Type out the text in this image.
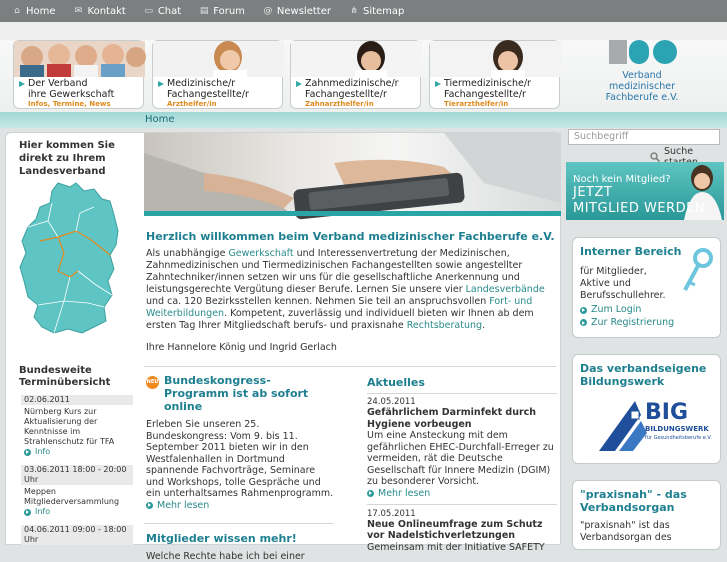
⌂ Home ✉ Kontakt ▭ Chat ▤ Forum @ Newsletter ⋔ Sitemap
Der Verband
ihre Gewerkschaft
Infos, Termine, News
Medizinische/r
Fachangestellte/r
Arzthelfer/in
Zahnmedizinische/r
Fachangestellte/r
Zahnarzthelfer/in
Tiermedizinische/r
Fachangestellte/r
Tierarzthelfer/in
Verband medizinischer
Fachberufe e.V.
Home
Hier kommen Sie direkt zu Ihrem Landesverband
Bundesweite Terminübersicht
02.06.2011
Nürnberg Kurs zur Aktualisierung der Kenntnisse im Strahlenschutz für TFA
Info
03.06.2011 18:00 - 20:00 Uhr
Meppen Mitgliederversammlung
Info
04.06.2011 09:00 - 18:00 Uhr
Herzlich willkommen beim Verband medizinischer Fachberufe e.V.
Als unabhängige Gewerkschaft und Interessenvertretung der Medizinischen, Zahnmedizinischen und Tiermedizinischen Fachangestellten sowie angestellter Zahntechniker/innen setzen wir uns für die gesellschaftliche Anerkennung und leistungsgerechte Vergütung dieser Berufe. Lernen Sie unsere vier Landesverbände und ca. 120 Bezirksstellen kennen. Nehmen Sie teil an anspruchsvollen Fort- und Weiterbildungen. Kompetent, zuverlässig und individuell bieten wir Ihnen ab dem ersten Tag Ihrer Mitgliedschaft berufs- und praxisnahe Rechtsberatung.
Ihre Hannelore König und Ingrid Gerlach
NEU Bundeskongress-Programm ist ab sofort online
Erleben Sie unseren 25. Bundeskongress: Vom 9. bis 11. September 2011 bieten wir in den Westfalenhallen in Dortmund spannende Fachvorträge, Seminare und Workshops, tolle Gespräche und ein unterhaltsames Rahmenprogramm.
Mehr lesen
Mitglieder wissen mehr!
Welche Rechte habe ich bei einer
Aktuelles
24.05.2011
Gefährlichem Darminfekt durch Hygiene vorbeugen
Um eine Ansteckung mit dem gefährlichen EHEC-Durchfall-Erreger zu vermeiden, rät die Deutsche Gesellschaft für Innere Medizin (DGIM) zu besonderer Vorsicht.
Mehr lesen
17.05.2011
Neue Onlineumfrage zum Schutz vor Nadelstichverletzungen
Gemeinsam mit der Initiative SAFETY
Suchbegriff
Suche
Noch kein Mitglied?
JETZT
MITGLIED WERDEN
Interner Bereich
für Mitglieder, Aktive und Berufsschullehrer.
Zum Login
Zur Registrierung
Das verbandseigene Bildungswerk
BIG
BILDUNGSWERK
für Gesundheitsberufe e.V.
"praxisnah" - das Verbandsorgan
"praxisnah" ist das Verbandsorgan des
